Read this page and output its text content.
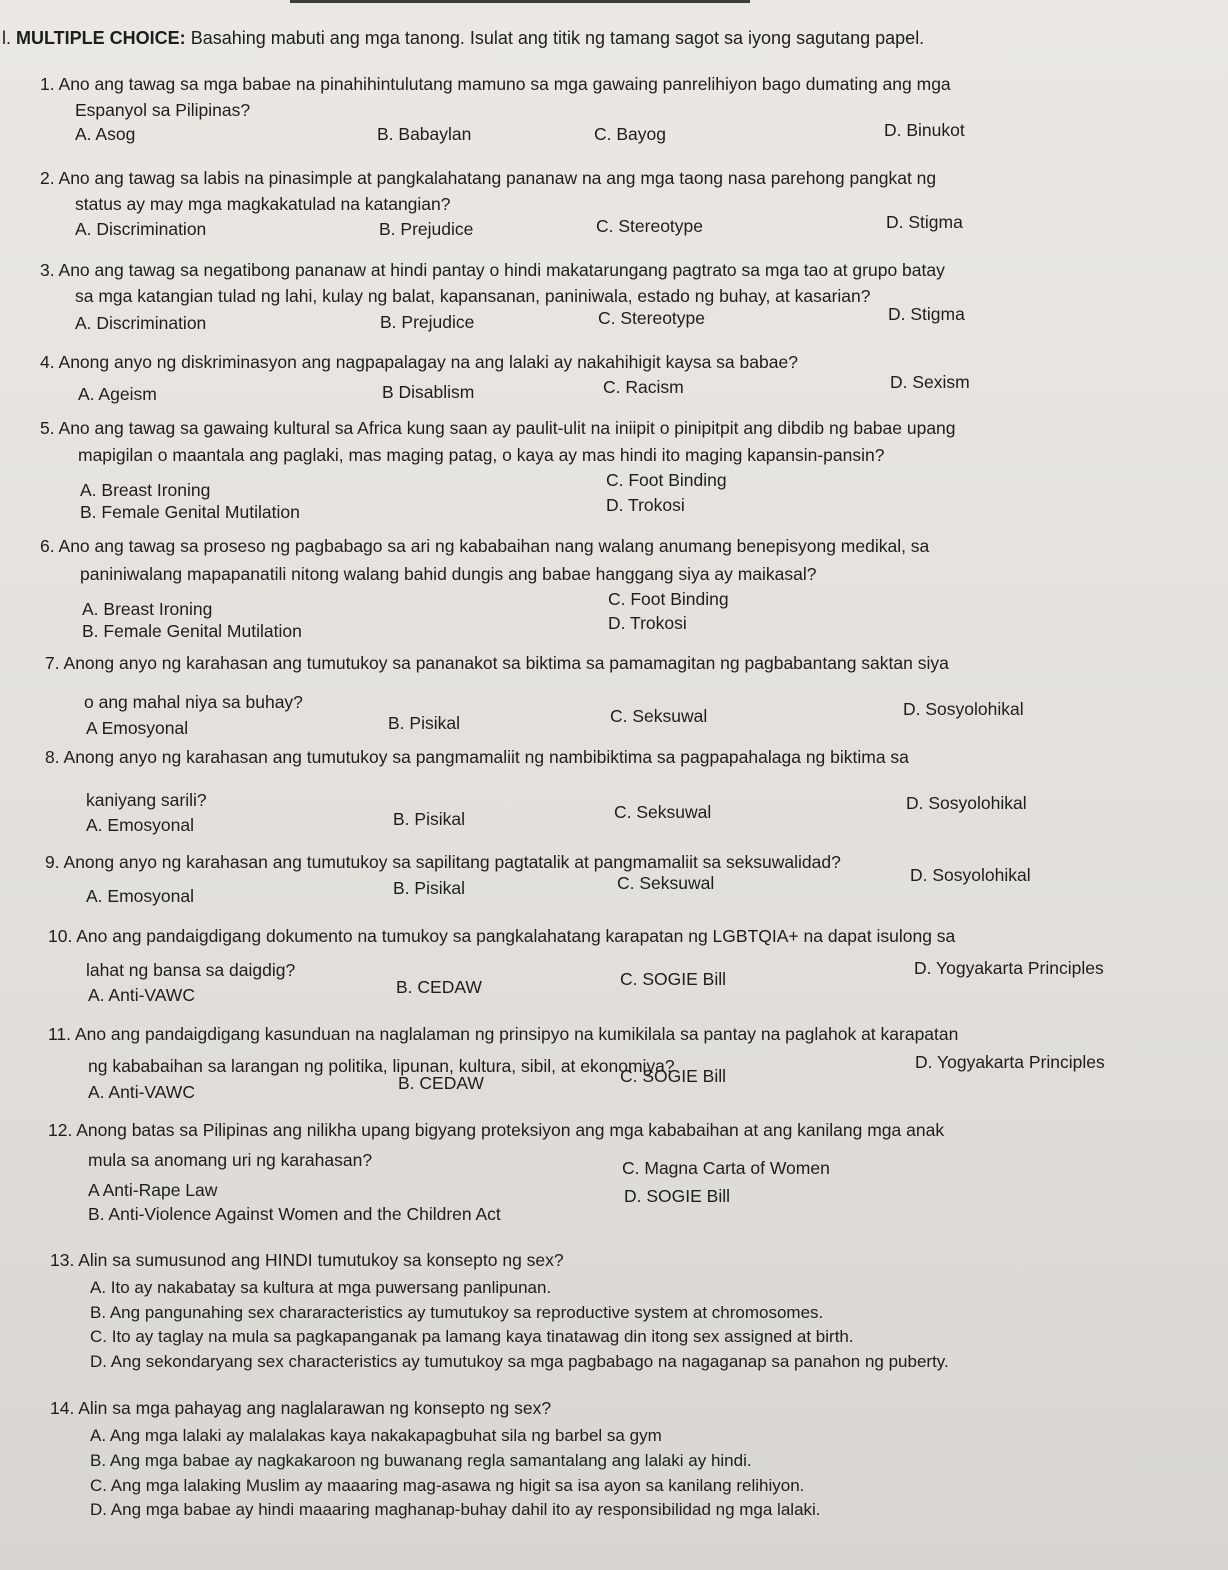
l. MULTIPLE CHOICE: Basahing mabuti ang mga tanong. Isulat ang titik ng tamang sagot sa iyong sagutang papel.
1. Ano ang tawag sa mga babae na pinahihintulutang mamuno sa mga gawaing panrelihiyon bago dumating ang mga
Espanyol sa Pilipinas?
A. Asog	B. Babaylan	C. Bayog	D. Binukot
2. Ano ang tawag sa labis na pinasimple at pangkalahatang pananaw na ang mga taong nasa parehong pangkat ng
status ay may mga magkakatulad na katangian?
A. Discrimination	B. Prejudice	C. Stereotype	D. Stigma
3. Ano ang tawag sa negatibong pananaw at hindi pantay o hindi makatarungang pagtrato sa mga tao at grupo batay
sa mga katangian tulad ng lahi, kulay ng balat, kapansanan, paniniwala, estado ng buhay, at kasarian?
A. Discrimination	B. Prejudice	C. Stereotype	D. Stigma
4. Anong anyo ng diskriminasyon ang nagpapalagay na ang lalaki ay nakahihigit kaysa sa babae?
A. Ageism	B Disablism	C. Racism	D. Sexism
5. Ano ang tawag sa gawaing kultural sa Africa kung saan ay paulit-ulit na iniipit o pinipitpit ang dibdib ng babae upang
mapigilan o maantala ang paglaki, mas maging patag, o kaya ay mas hindi ito maging kapansin-pansin?
A. Breast Ironing	C. Foot Binding
B. Female Genital Mutilation	D. Trokosi
6. Ano ang tawag sa proseso ng pagbabago sa ari ng kababaihan nang walang anumang benepisyong medikal, sa
paniniwalang mapapanatili nitong walang bahid dungis ang babae hanggang siya ay maikasal?
A. Breast Ironing	C. Foot Binding
B. Female Genital Mutilation	D. Trokosi
7. Anong anyo ng karahasan ang tumutukoy sa pananakot sa biktima sa pamamagitan ng pagbabantang saktan siya
o ang mahal niya sa buhay?
A Emosyonal	B. Pisikal	C. Seksuwal	D. Sosyolohikal
8. Anong anyo ng karahasan ang tumutukoy sa pangmamaliit ng nambibiktima sa pagpapahalaga ng biktima sa
kaniyang sarili?
A. Emosyonal	B. Pisikal	C. Seksuwal	D. Sosyolohikal
9. Anong anyo ng karahasan ang tumutukoy sa sapilitang pagtatalik at pangmamaliit sa seksuwalidad?
A. Emosyonal	B. Pisikal	C. Seksuwal	D. Sosyolohikal
10. Ano ang pandaigdigang dokumento na tumukoy sa pangkalahatang karapatan ng LGBTQIA+ na dapat isulong sa
lahat ng bansa sa daigdig?
A. Anti-VAWC	B. CEDAW	C. SOGIE Bill
D. Yogyakarta Principles
11. Ano ang pandaigdigang kasunduan na naglalaman ng prinsipyo na kumikilala sa pantay na paglahok at karapatan
ng kababaihan sa larangan ng politika, lipunan, kultura, sibil, at ekonomiya?
A. Anti-VAWC	B. CEDAW	C. SOGIE Bill
D. Yogyakarta Principles
12. Anong batas sa Pilipinas ang nilikha upang bigyang proteksiyon ang mga kababaihan at ang kanilang mga anak
mula sa anomang uri ng karahasan?
A Anti-Rape Law
C. Magna Carta of Women
B. Anti-Violence Against Women and the Children Act
D. SOGIE Bill
13. Alin sa sumusunod ang HINDI tumutukoy sa konsepto ng sex?
A. Ito ay nakabatay sa kultura at mga puwersang panlipunan.
B. Ang pangunahing sex chararacteristics ay tumutukoy sa reproductive system at chromosomes.
C. Ito ay taglay na mula sa pagkapanganak pa lamang kaya tinatawag din itong sex assigned at birth.
D. Ang sekondaryang sex characteristics ay tumutukoy sa mga pagbabago na nagaganap sa panahon ng puberty.
14. Alin sa mga pahayag ang naglalarawan ng konsepto ng sex?
A. Ang mga lalaki ay malalakas kaya nakakapagbuhat sila ng barbel sa gym
B. Ang mga babae ay nagkakaroon ng buwanang regla samantalang ang lalaki ay hindi.
C. Ang mga lalaking Muslim ay maaaring mag-asawa ng higit sa isa ayon sa kanilang relihiyon.
D. Ang mga babae ay hindi maaaring maghanap-buhay dahil ito ay responsibilidad ng mga lalaki.
